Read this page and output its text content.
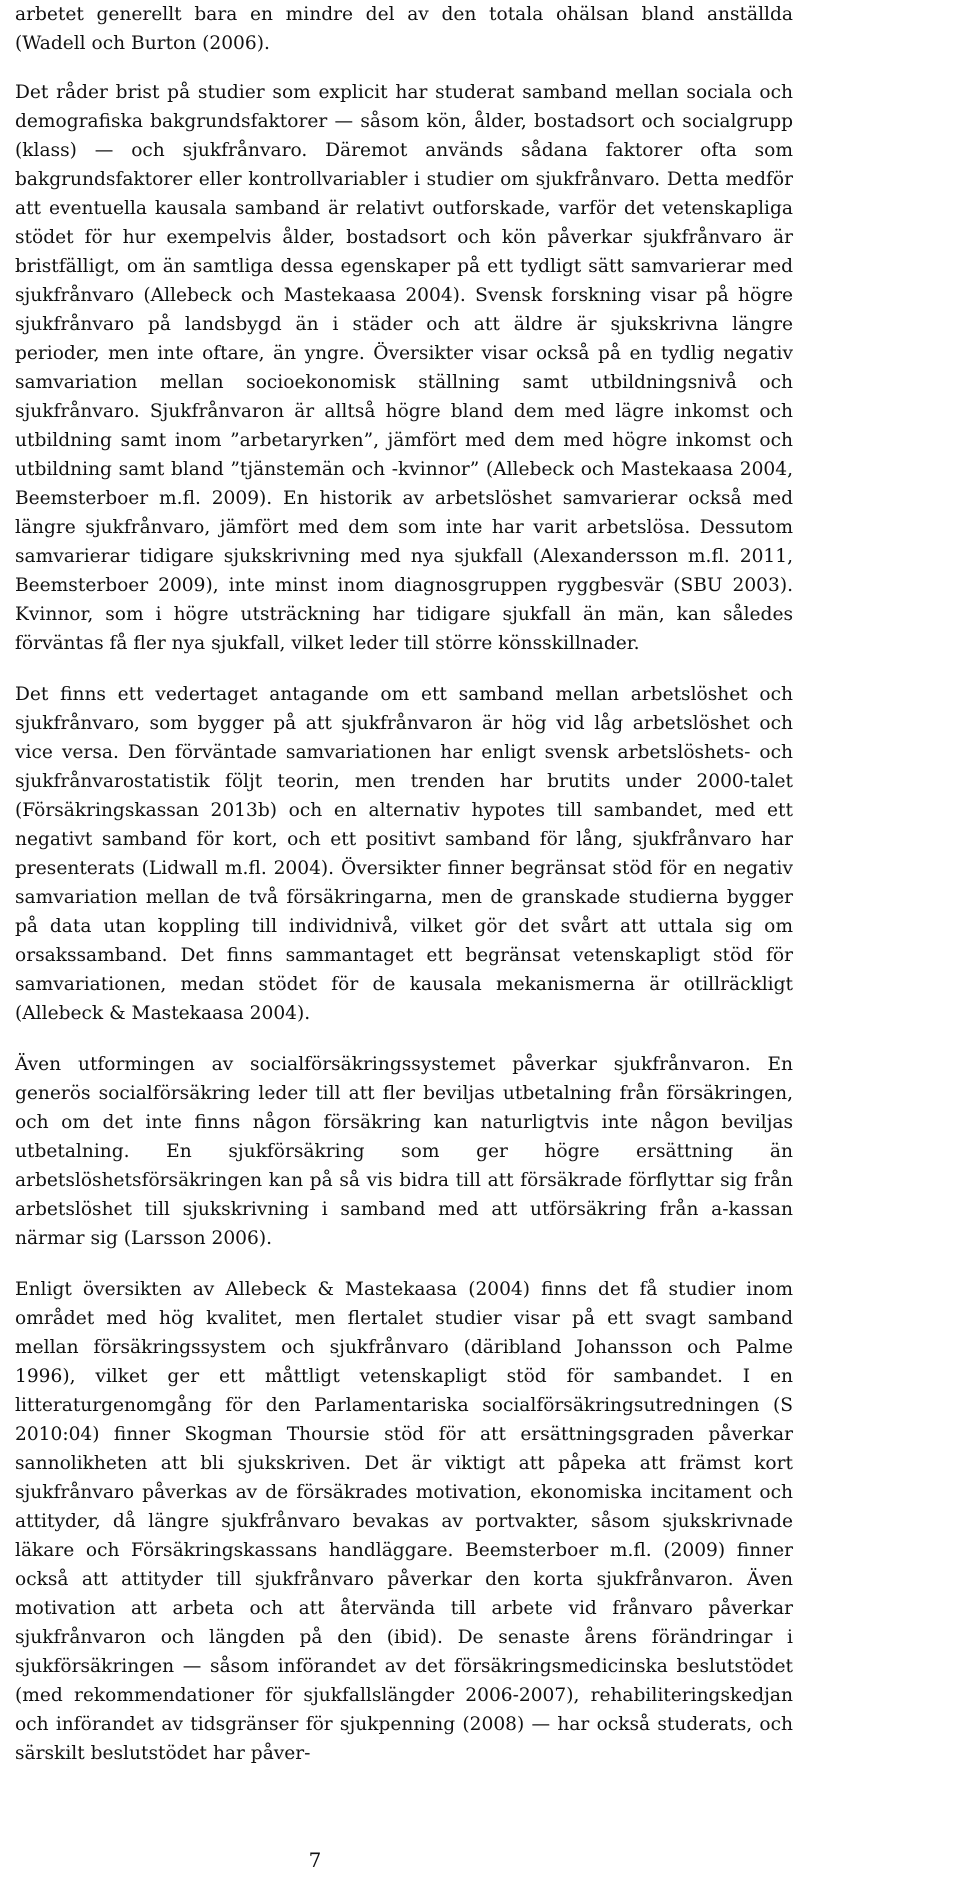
arbetet generellt bara en mindre del av den totala ohälsan bland anställda (Wadell och Burton (2006).

Det råder brist på studier som explicit har studerat samband mellan sociala och demografiska bakgrundsfaktorer — såsom kön, ålder, bostadsort och socialgrupp (klass) — och sjukfrånvaro. Däremot används sådana faktorer ofta som bakgrundsfaktorer eller kontrollvariabler i studier om sjukfrånvaro. Detta medför att eventuella kausala samband är relativt outforskade, varför det vetenskapliga stödet för hur exempelvis ålder, bostadsort och kön påverkar sjukfrånvaro är bristfälligt, om än samtliga dessa egenskaper på ett tydligt sätt samvarierar med sjukfrånvaro (Allebeck och Mastekaasa 2004). Svensk forskning visar på högre sjukfrånvaro på landsbygd än i städer och att äldre är sjukskrivna längre perioder, men inte oftare, än yngre. Översikter visar också på en tydlig negativ samvariation mellan socioekonomisk ställning samt utbildningsnivå och sjukfrånvaro. Sjukfrånvaron är alltså högre bland dem med lägre inkomst och utbildning samt inom ”arbetaryrken”, jämfört med dem med högre inkomst och utbildning samt bland ”tjänstemän och -kvinnor” (Allebeck och Mastekaasa 2004, Beemsterboer m.fl. 2009). En historik av arbetslöshet samvarierar också med längre sjukfrånvaro, jämfört med dem som inte har varit arbetslösa. Dessutom samvarierar tidigare sjukskrivning med nya sjukfall (Alexandersson m.fl. 2011, Beemsterboer 2009), inte minst inom diagnosgruppen ryggbesvär (SBU 2003). Kvinnor, som i högre utsträckning har tidigare sjukfall än män, kan således förväntas få fler nya sjukfall, vilket leder till större könsskillnader.

Det finns ett vedertaget antagande om ett samband mellan arbetslöshet och sjukfrånvaro, som bygger på att sjukfrånvaron är hög vid låg arbetslöshet och vice versa. Den förväntade samvariationen har enligt svensk arbetslöshets- och sjukfrånvarostatistik följt teorin, men trenden har brutits under 2000-talet (Försäkringskassan 2013b) och en alternativ hypotes till sambandet, med ett negativt samband för kort, och ett positivt samband för lång, sjukfrånvaro har presenterats (Lidwall m.fl. 2004). Översikter finner begränsat stöd för en negativ samvariation mellan de två försäkringarna, men de granskade studierna bygger på data utan koppling till individnivå, vilket gör det svårt att uttala sig om orsakssamband. Det finns sammantaget ett begränsat vetenskapligt stöd för samvariationen, medan stödet för de kausala mekanismerna är otillräckligt (Allebeck & Mastekaasa 2004).

Även utformingen av socialförsäkringssystemet påverkar sjukfrånvaron. En generös socialförsäkring leder till att fler beviljas utbetalning från försäkringen, och om det inte finns någon försäkring kan naturligtvis inte någon beviljas utbetalning. En sjukförsäkring som ger högre ersättning än arbetslöshetsförsäkringen kan på så vis bidra till att försäkrade förflyttar sig från arbetslöshet till sjukskrivning i samband med att utförsäkring från a-kassan närmar sig (Larsson 2006).

Enligt översikten av Allebeck & Mastekaasa (2004) finns det få studier inom området med hög kvalitet, men flertalet studier visar på ett svagt samband mellan försäkringssystem och sjukfrånvaro (däribland Johansson och Palme 1996), vilket ger ett måttligt vetenskapligt stöd för sambandet. I en litteraturgenomgång för den Parlamentariska socialförsäkringsutredningen (S 2010:04) finner Skogman Thoursie stöd för att ersättningsgraden påverkar sannolikheten att bli sjukskriven. Det är viktigt att påpeka att främst kort sjukfrånvaro påverkas av de försäkrades motivation, ekonomiska incitament och attityder, då längre sjukfrånvaro bevakas av portvakter, såsom sjukskrivnade läkare och Försäkringskassans handläggare. Beemsterboer m.fl. (2009) finner också att attityder till sjukfrånvaro påverkar den korta sjukfrånvaron. Även motivation att arbeta och att återvända till arbete vid frånvaro påverkar sjukfrånvaron och längden på den (ibid). De senaste årens förändringar i sjukförsäkringen — såsom införandet av det försäkringsmedicinska beslutstödet (med rekommendationer för sjukfallslängder 2006-2007), rehabiliteringskedjan och införandet av tidsgränser för sjukpenning (2008) — har också studerats, och särskilt beslutstödet har påver-

7
